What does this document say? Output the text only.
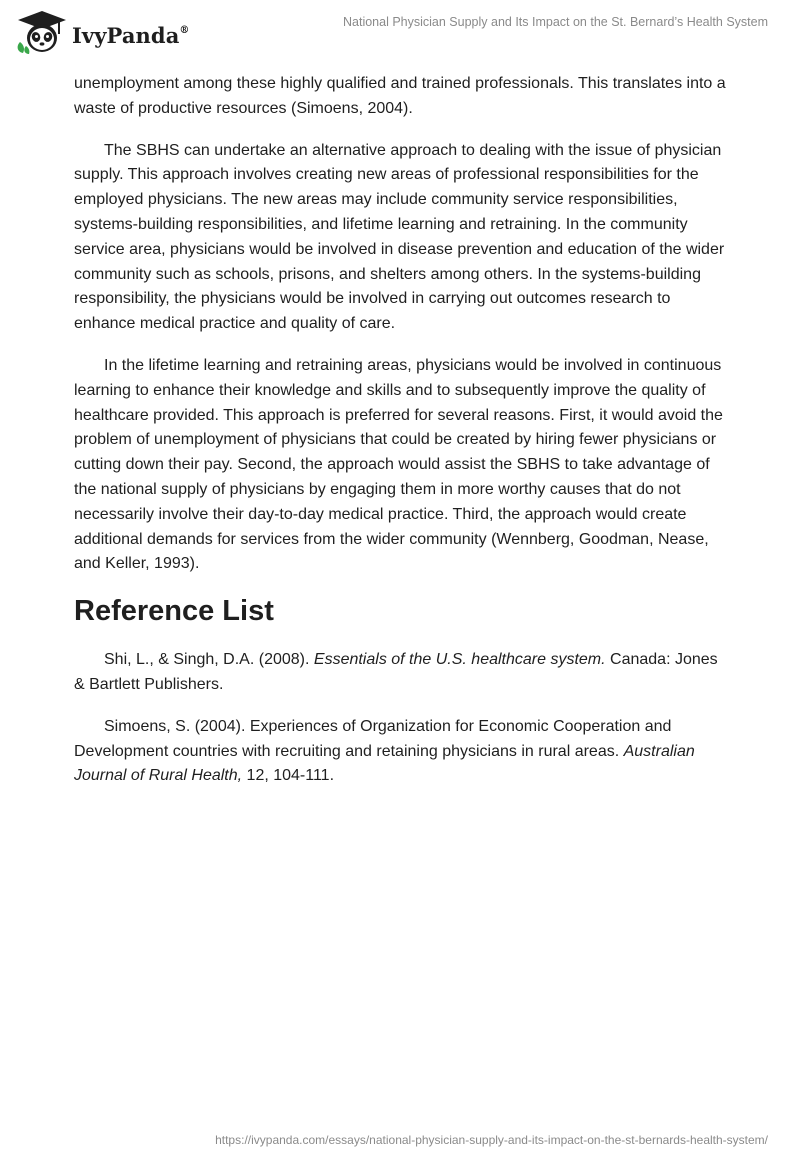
IvyPanda®
National Physician Supply and Its Impact on the St. Bernard’s Health System

unemployment among these highly qualified and trained professionals. This translates into a waste of productive resources (Simoens, 2004).

The SBHS can undertake an alternative approach to dealing with the issue of physician supply. This approach involves creating new areas of professional responsibilities for the employed physicians. The new areas may include community service responsibilities, systems-building responsibilities, and lifetime learning and retraining. In the community service area, physicians would be involved in disease prevention and education of the wider community such as schools, prisons, and shelters among others. In the systems-building responsibility, the physicians would be involved in carrying out outcomes research to enhance medical practice and quality of care.

In the lifetime learning and retraining areas, physicians would be involved in continuous learning to enhance their knowledge and skills and to subsequently improve the quality of healthcare provided. This approach is preferred for several reasons. First, it would avoid the problem of unemployment of physicians that could be created by hiring fewer physicians or cutting down their pay. Second, the approach would assist the SBHS to take advantage of the national supply of physicians by engaging them in more worthy causes that do not necessarily involve their day-to-day medical practice. Third, the approach would create additional demands for services from the wider community (Wennberg, Goodman, Nease, and Keller, 1993).

Reference List

Shi, L., & Singh, D.A. (2008). Essentials of the U.S. healthcare system. Canada: Jones & Bartlett Publishers.

Simoens, S. (2004). Experiences of Organization for Economic Cooperation and Development countries with recruiting and retaining physicians in rural areas. Australian Journal of Rural Health, 12, 104-111.

https://ivypanda.com/essays/national-physician-supply-and-its-impact-on-the-st-bernards-health-system/
